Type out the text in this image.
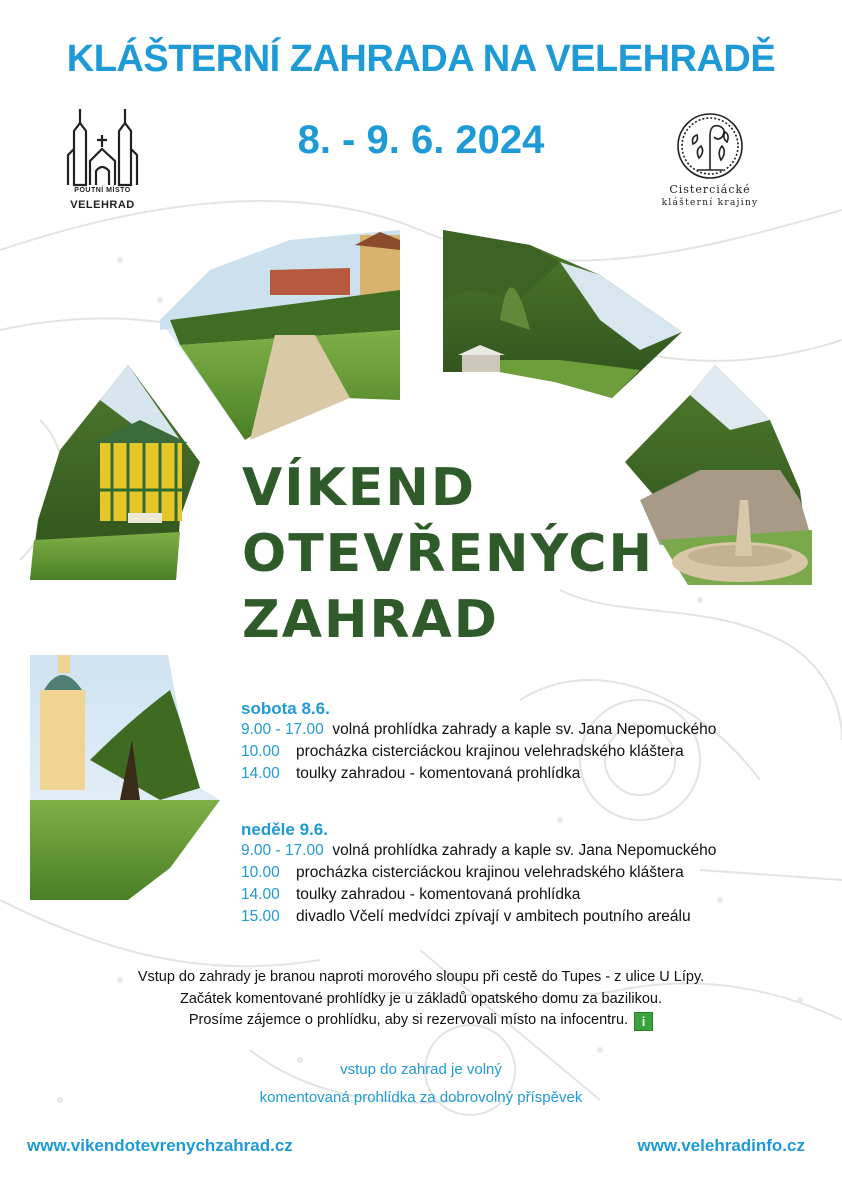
KLÁŠTERNÍ ZAHRADA NA VELEHRADĚ
8. - 9. 6. 2024
POUTNÍ MÍSTO
VELEHRAD
Cisterciácké
klášterní krajiny
VÍKEND
OTEVŘENÝCH
ZAHRAD
sobota 8.6.
9.00 - 17.00 volná prohlídka zahrady a kaple sv. Jana Nepomuckého
10.00 procházka cisterciáckou krajinou velehradského kláštera
14.00 toulky zahradou - komentovaná prohlídka
neděle 9.6.
9.00 - 17.00 volná prohlídka zahrady a kaple sv. Jana Nepomuckého
10.00 procházka cisterciáckou krajinou velehradského kláštera
14.00 toulky zahradou - komentovaná prohlídka
15.00 divadlo Včelí medvídci zpívají v ambitech poutního areálu
Vstup do zahrady je branou naproti morového sloupu při cestě do Tupes - z ulice U Lípy.
Začátek komentované prohlídky je u základů opatského domu za bazilikou.
Prosíme zájemce o prohlídku, aby si rezervovali místo na infocentru. i
vstup do zahrad je volný
komentovaná prohlídka za dobrovolný příspěvek
www.vikendotevrenychzahrad.cz	www.velehradinfo.cz
